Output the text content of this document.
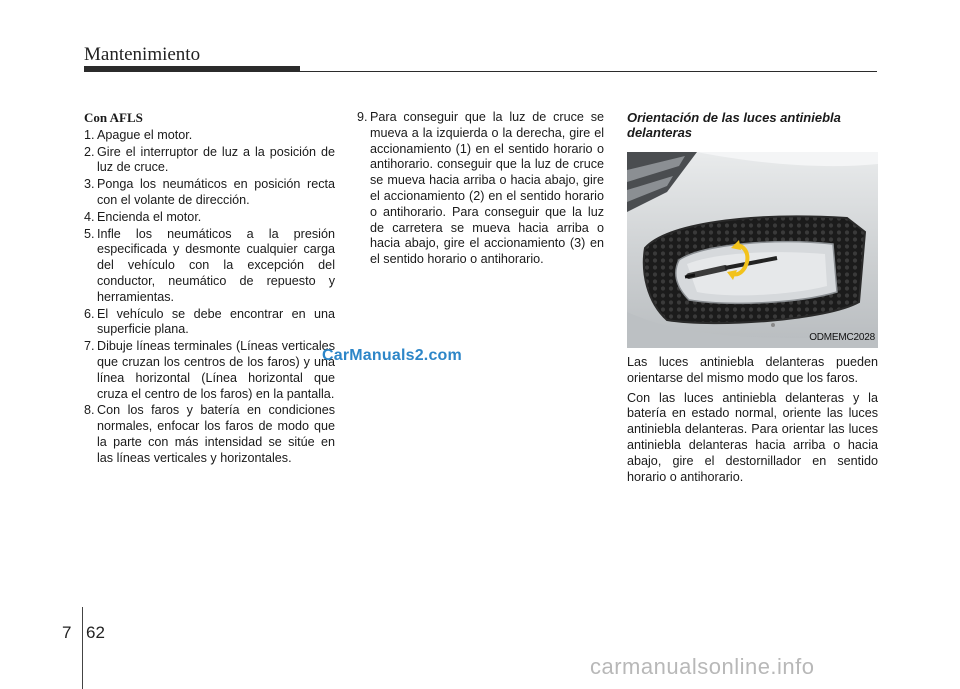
Mantenimiento
Con AFLS
1. Apague el motor.
2. Gire el interruptor de luz a la posición de luz de cruce.
3. Ponga los neumáticos en posición recta con el volante de dirección.
4. Encienda el motor.
5. Infle los neumáticos a la presión especificada y desmonte cualquier carga del vehículo con la excepción del conductor, neumático de repuesto y herramientas.
6. El vehículo se debe encontrar en una superficie plana.
7. Dibuje líneas terminales (Líneas verticales que cruzan los centros de los faros) y una línea horizontal (Línea horizontal que cruza el centro de los faros) en la pantalla.
8. Con los faros y batería en condiciones normales, enfocar los faros de modo que la parte con más intensidad se sitúe en las líneas verticales y horizontales.
9. Para conseguir que la luz de cruce se mueva a la izquierda o la derecha, gire el accionamiento (1) en el sentido horario o antihorario. conseguir que la luz de cruce se mueva hacia arriba o hacia abajo, gire el accionamiento (2) en el sentido horario o antihorario. Para conseguir que la luz de carretera se mueva hacia arriba o hacia abajo, gire el accionamiento (3) en el sentido horario o antihorario.
Orientación de las luces antiniebla delanteras
ODMEMC2028
Las luces antiniebla delanteras pueden orientarse del mismo modo que los faros.
Con las luces antiniebla delanteras y la batería en estado normal, oriente las luces antiniebla delanteras. Para orientar las luces antiniebla delanteras hacia arriba o hacia abajo, gire el destornillador en sentido horario o antihorario.
CarManuals2.com
7 62
carmanualsonline.info
